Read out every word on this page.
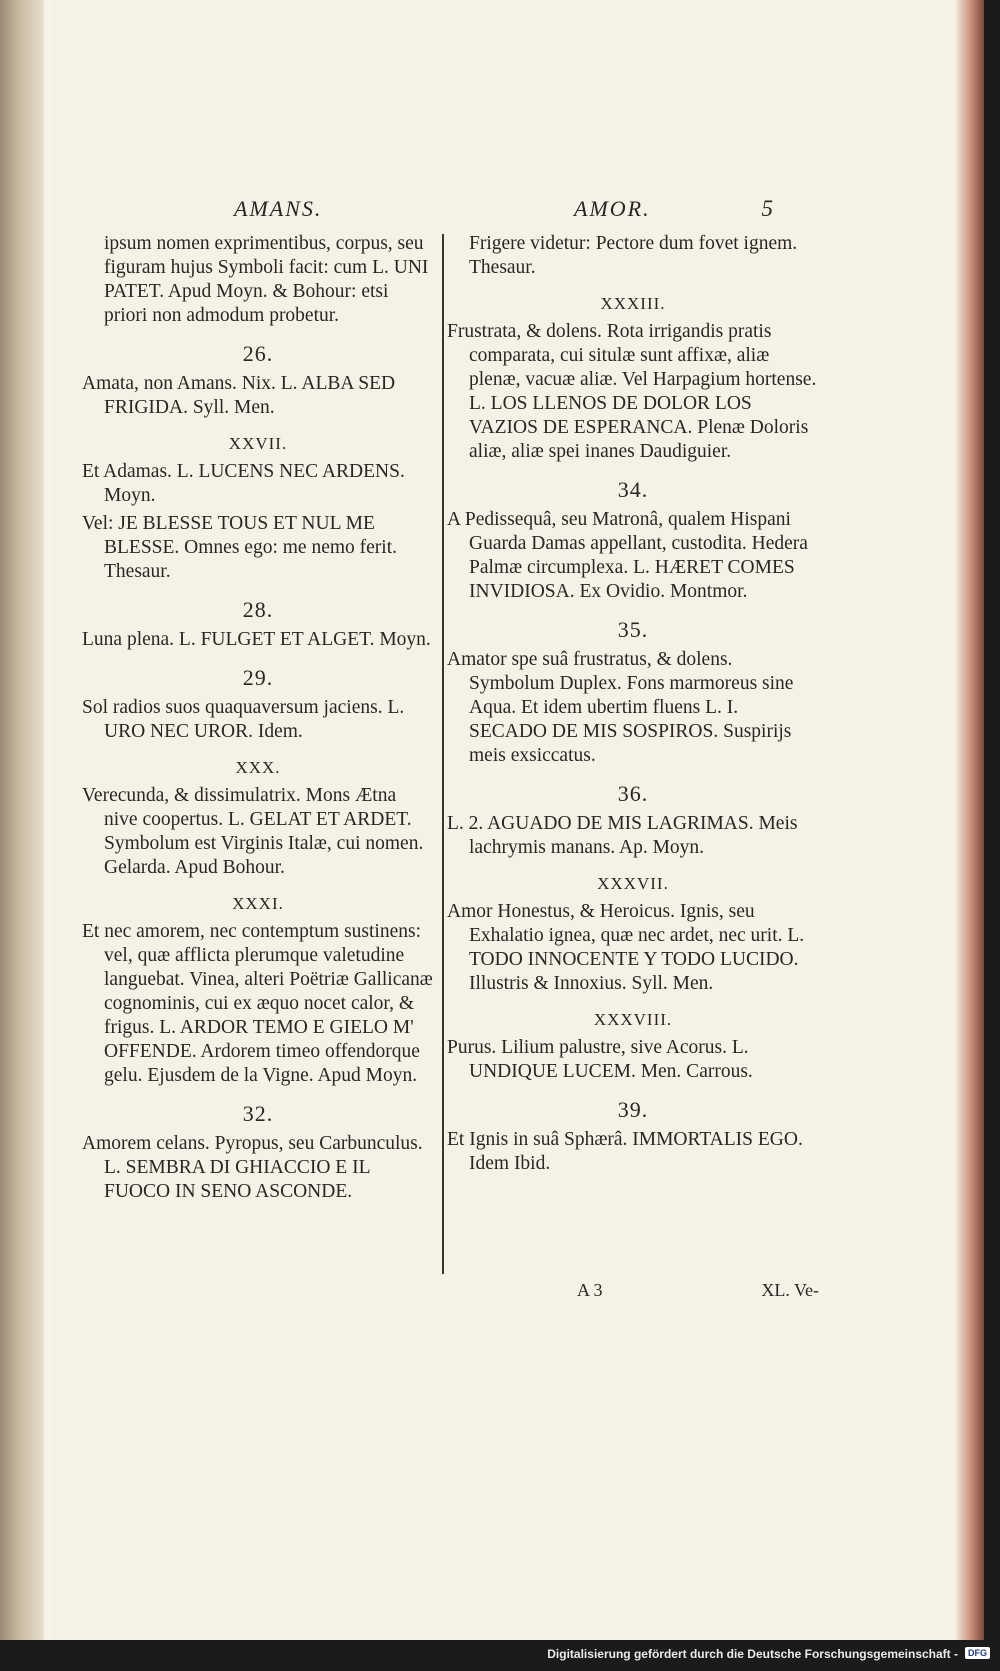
AMANS.	AMOR.	5

ipsum nomen exprimentibus, corpus, seu figuram hujus Symboli facit: cum L. UNI PATET. Apud Moyn. & Bohour: etsi priori non admodum probetur.

26.

Amata, non Amans. Nix. L. ALBA SED FRIGIDA. Syll. Men.

XXVII.

Et Adamas. L. LUCENS NEC ARDENS. Moyn.

Vel: JE BLESSE TOUS ET NUL ME BLESSE. Omnes ego: me nemo ferit. Thesaur.

28.

Luna plena. L. FULGET ET ALGET. Moyn.

29.

Sol radios suos quaquaversum jaciens. L. URO NEC UROR. Idem.

XXX.

Verecunda, & dissimulatrix. Mons Ætna nive coopertus. L. GELAT ET ARDET. Symbolum est Virginis Italæ, cui nomen. Gelarda. Apud Bohour.

XXXI.

Et nec amorem, nec contemptum sustinens: vel, quæ afflicta plerumque valetudine languebat. Vinea, alteri Poëtriæ Gallicanæ cognominis, cui ex æquo nocet calor, & frigus. L. ARDOR TEMO E GIELO M' OFFENDE. Ardorem timeo offendorque gelu. Ejusdem de la Vigne. Apud Moyn.

32.

Amorem celans. Pyropus, seu Carbunculus. L. SEMBRA DI GHIACCIO E IL FUOCO IN SENO ASCONDE.

Frigere videtur: Pectore dum fovet ignem. Thesaur.

XXXIII.

Frustrata, & dolens. Rota irrigandis pratis comparata, cui situlæ sunt affixæ, aliæ plenæ, vacuæ aliæ. Vel Harpagium hortense. L. LOS LLENOS DE DOLOR LOS VAZIOS DE ESPERANCA. Plenæ Doloris aliæ, aliæ spei inanes Daudiguier.

34.

A Pedissequâ, seu Matronâ, qualem Hispani Guarda Damas appellant, custodita. Hedera Palmæ circumplexa. L. HÆRET COMES INVIDIOSA. Ex Ovidio. Montmor.

35.

Amator spe suâ frustratus, & dolens. Symbolum Duplex. Fons marmoreus sine Aqua. Et idem ubertim fluens L. I. SECADO DE MIS SOSPIROS. Suspirijs meis exsiccatus.

36.

L. 2. AGUADO DE MIS LAGRIMAS. Meis lachrymis manans. Ap. Moyn.

XXXVII.

Amor Honestus, & Heroicus. Ignis, seu Exhalatio ignea, quæ nec ardet, nec urit. L. TODO INNOCENTE Y TODO LUCIDO. Illustris & Innoxius. Syll. Men.

XXXVIII.

Purus. Lilium palustre, sive Acorus. L. UNDIQUE LUCEM. Men. Carrous.

39.

Et Ignis in suâ Sphærâ. IMMORTALIS EGO. Idem Ibid.

A 3	XL. Ve-
Digitalisierung gefördert durch die Deutsche Forschungsgemeinschaft -	DFG
